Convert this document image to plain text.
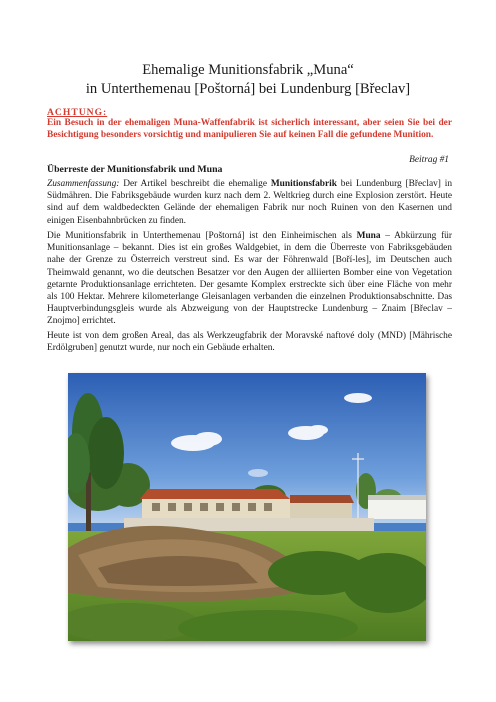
Ehemalige Munitionsfabrik „Muna“
in Unterthemenau [Poštorná] bei Lundenburg [Břeclav]
ACHTUNG:
Ein Besuch in der ehemaligen Muna-Waffenfabrik ist sicherlich interessant, aber seien Sie bei der Besichtigung besonders vorsichtig und manipulieren Sie auf keinen Fall die gefundene Munition.
Beitrag #1
Überreste der Munitionsfabrik und Muna
Zusammenfassung: Der Artikel beschreibt die ehemalige Munitionsfabrik bei Lundenburg [Břeclav] in Südmähren. Die Fabriksgebäude wurden kurz nach dem 2. Weltkrieg durch eine Explosion zerstört. Heute sind auf dem waldbedeckten Gelände der ehemaligen Fabrik nur noch Ruinen von den Kasernen und einigen Eisenbahnbrücken zu finden.
Die Munitionsfabrik in Unterthemenau [Poštorná] ist den Einheimischen als Muna – Abkürzung für Munitionsanlage – bekannt. Dies ist ein großes Waldgebiet, in dem die Überreste von Fabriksgebäuden nahe der Grenze zu Österreich verstreut sind. Es war der Föhrenwald [Boří-les], im Deutschen auch Theimwald genannt, wo die deutschen Besatzer vor den Augen der alliierten Bomber eine von Vegetation getarnte Produktionsanlage errichteten. Der gesamte Komplex erstreckte sich über eine Fläche von mehr als 100 Hektar. Mehrere kilometerlange Gleisanlagen verbanden die einzelnen Produktionsabschnitte. Das Hauptverbindungsgleis wurde als Abzweigung von der Hauptstrecke Lundenburg – Znaim [Břeclav – Znojmo] errichtet.
Heute ist von dem großen Areal, das als Werkzeugfabrik der Moravské naftové doly (MND) [Mährische Erdölgruben] genutzt wurde, nur noch ein Gebäude erhalten.
